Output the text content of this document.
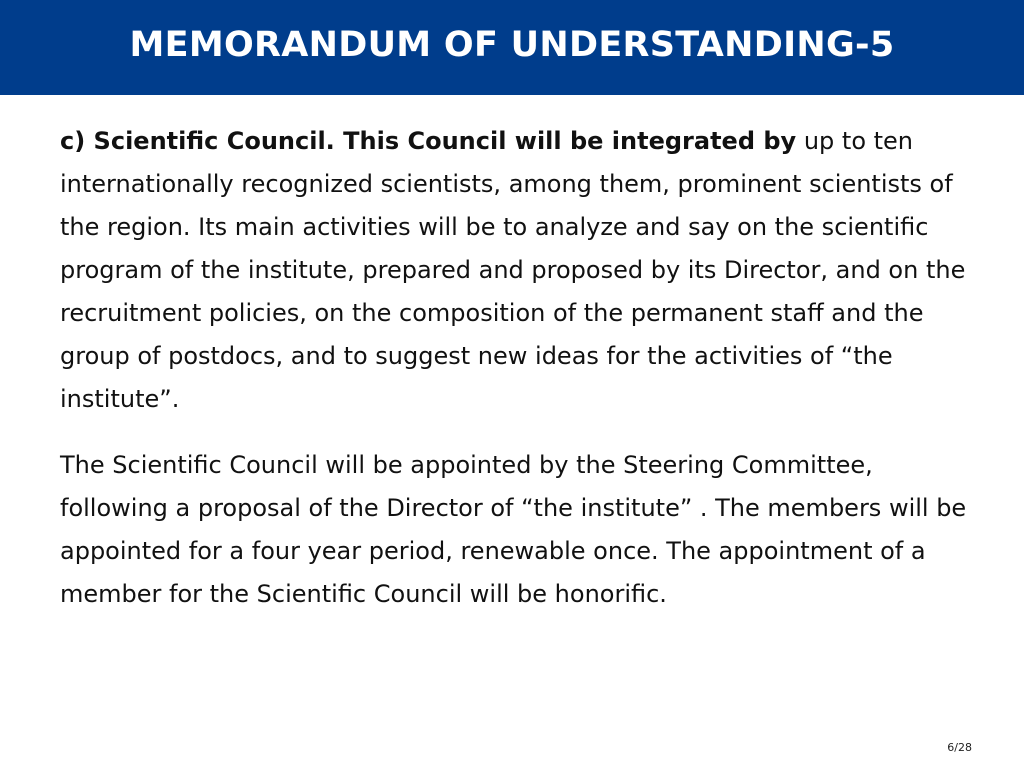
MEMORANDUM OF UNDERSTANDING-5

c) Scientific Council. This Council will be integrated by up to ten internationally recognized scientists, among them, prominent scientists of the region. Its main activities will be to analyze and say on the scientific program of the institute, prepared and proposed by its Director, and on the recruitment policies, on the composition of the permanent staff and the group of postdocs, and to suggest new ideas for the activities of “the institute”.

The Scientific Council will be appointed by the Steering Committee, following a proposal of the Director of “the institute” . The members will be appointed for a four year period, renewable once. The appointment of a member for the Scientific Council will be honorific.

6/28
